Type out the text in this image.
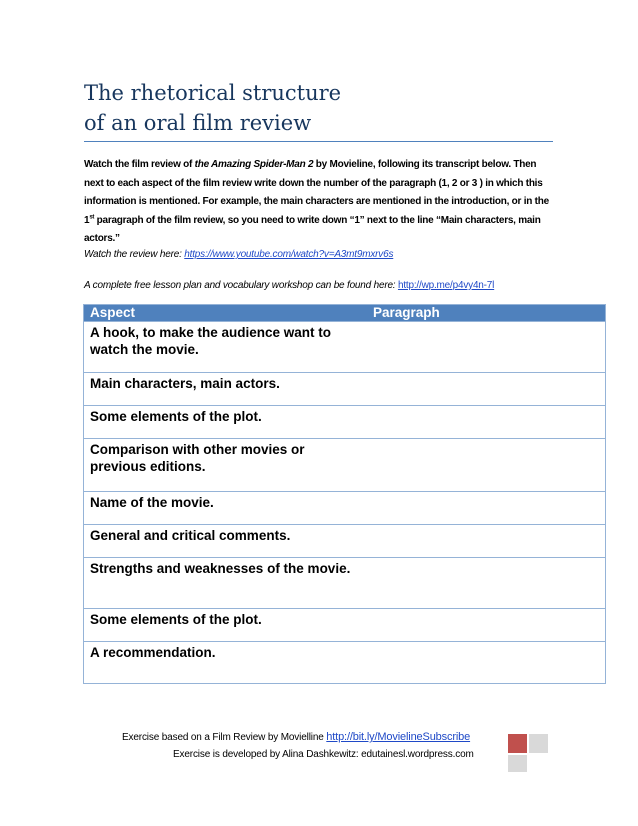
The rhetorical structure
of an oral film review

Watch the film review of the Amazing Spider-Man 2 by Movieline, following its transcript below. Then next to each aspect of the film review write down the number of the paragraph (1, 2 or 3 ) in which this information is mentioned. For example, the main characters are mentioned in the introduction, or in the 1st paragraph of the film review, so you need to write down “1” next to the line “Main characters, main actors.”

Watch the review here: https://www.youtube.com/watch?v=A3mt9mxrv6s

A complete free lesson plan and vocabulary workshop can be found here: http://wp.me/p4vy4n-7l

Aspect	Paragraph
A hook, to make the audience want to watch the movie.	
Main characters, main actors.	
Some elements of the plot.	
Comparison with other movies or previous editions.	
Name of the movie.	
General and critical comments.	
Strengths and weaknesses of the movie.	
Some elements of the plot.	
A recommendation.	
Exercise based on a Film Review by Movielline http://bit.ly/MovielineSubscribe
Exercise is developed by Alina Dashkewitz: edutainesl.wordpress.com
